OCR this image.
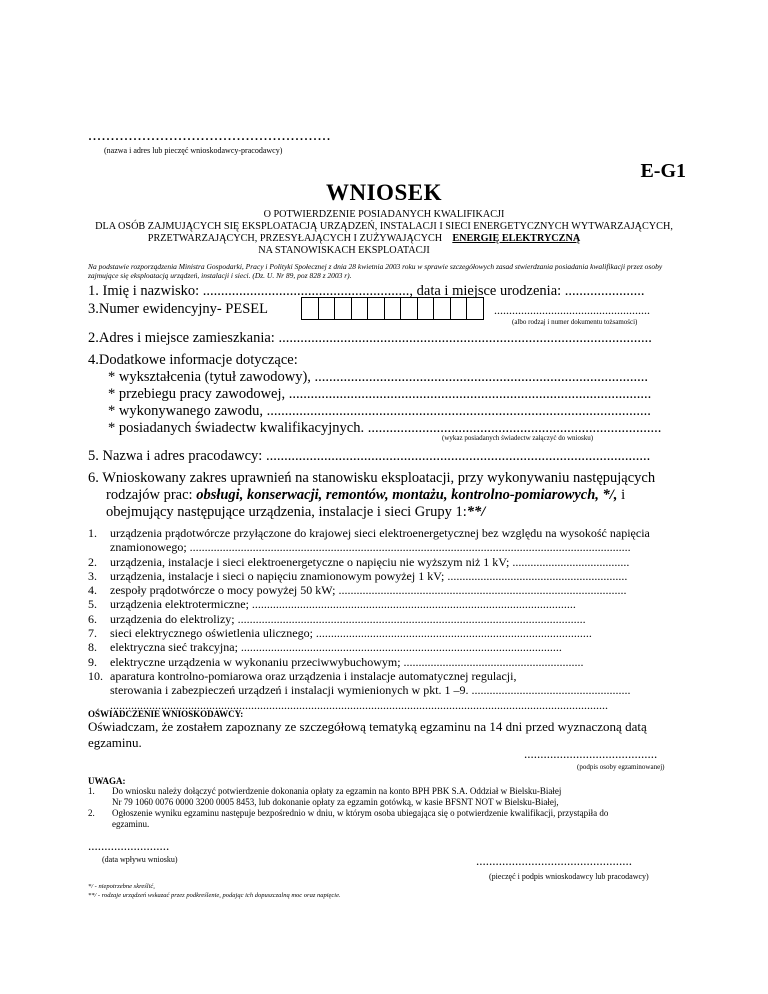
......................................................
(nazwa i adres lub pieczęć wnioskodawcy-pracodawcy)
E-G1
WNIOSEK
O POTWIERDZENIE POSIADANYCH KWALIFIKACJI
DLA OSÓB ZAJMUJĄCYCH SIĘ EKSPLOATACJĄ URZĄDZEŃ, INSTALACJI I SIECI ENERGETYCZNYCH WYTWARZAJĄCYCH,
PRZETWARZAJĄCYCH, PRZESYŁAJĄCYCH I ZUŻYWAJĄCYCH ENERGIĘ ELEKTRYCZNĄ
NA STANOWISKACH EKSPLOATACJI
Na podstawie rozporządzenia Ministra Gospodarki, Pracy i Polityki Społecznej z dnia 28 kwietnia 2003 roku w sprawie szczegółowych zasad stwierdzania posiadania kwalifikacji przez osoby zajmujące się eksploatacją urządzeń, instalacji i sieci. (Dz. U. Nr 89, poz 828 z 2003 r).
1. Imię i nazwisko: ........................................................., data i miejsce urodzenia: ......................
3.Numer ewidencyjny- PESEL	....................................................
(albo rodzaj i numer dokumentu tożsamości)
2.Adres i miejsce zamieszkania: .......................................................................................................
4.Dodatkowe informacje dotyczące:
* wykształcenia (tytuł zawodowy), ............................................................................................
* przebiegu pracy zawodowej, ....................................................................................................
* wykonywanego zawodu, ..........................................................................................................
* posiadanych świadectw kwalifikacyjnych. .................................................................................
(wykaz posiadanych świadectw załączyć do wniosku)
5. Nazwa i adres pracodawcy: ..........................................................................................................
6. Wnioskowany zakres uprawnień na stanowisku eksploatacji, przy wykonywaniu następujących
rodzajów prac: obsługi, konserwacji, remontów, montażu, kontrolno-pomiarowych, */, i
obejmujący następujące urządzenia, instalacje i sieci Grupy 1:**/
1. urządzenia prądotwórcze przyłączone do krajowej sieci elektroenergetycznej bez względu na wysokość napięcia
znamionowego; ...................................................................................................................................................
2. urządzenia, instalacje i sieci elektroenergetyczne o napięciu nie wyższym niż 1 kV; .......................................
3. urządzenia, instalacje i sieci o napięciu znamionowym powyżej 1 kV; ............................................................
4. zespoły prądotwórcze o mocy powyżej 50 kW; ................................................................................................
5. urządzenia elektrotermiczne; ............................................................................................................
6. urządzenia do elektrolizy; ....................................................................................................................
7. sieci elektrycznego oświetlenia ulicznego; ............................................................................................
8. elektryczna sieć trakcyjna; ...........................................................................................................
9. elektryczne urządzenia w wykonaniu przeciwwybuchowym; ............................................................
10. aparatura kontrolno-pomiarowa oraz urządzenia i instalacje automatycznej regulacji,
sterowania i zabezpieczeń urządzeń i instalacji wymienionych w pkt. 1 –9. .....................................................
......................................................................................................................................................................
OŚWIADCZENIE WNIOSKODAWCY:
Oświadczam, że zostałem zapoznany ze szczegółową tematyką egzaminu na 14 dni przed wyznaczoną datą
egzaminu.
.........................................
(podpis osoby egzaminowanej)
UWAGA:
1. Do wniosku należy dołączyć potwierdzenie dokonania opłaty za egzamin na konto BPH PBK S.A. Oddział w Bielsku-Białej
Nr 79 1060 0076 0000 3200 0005 8453, lub dokonanie opłaty za egzamin gotówką, w kasie BFSNT NOT w Bielsku-Białej,
2. Ogłoszenie wyniku egzaminu następuje bezpośrednio w dniu, w którym osoba ubiegająca się o potwierdzenie kwalifikacji, przystąpiła do
egzaminu.
.........................
(data wpływu wniosku)	................................................
(pieczęć i podpis wnioskodawcy lub pracodawcy)
*/ - niepotrzebne skreślić,
**/ - rodzaje urządzeń wskazać przez podkreślenie, podając ich dopuszczalną moc oraz napięcie.
